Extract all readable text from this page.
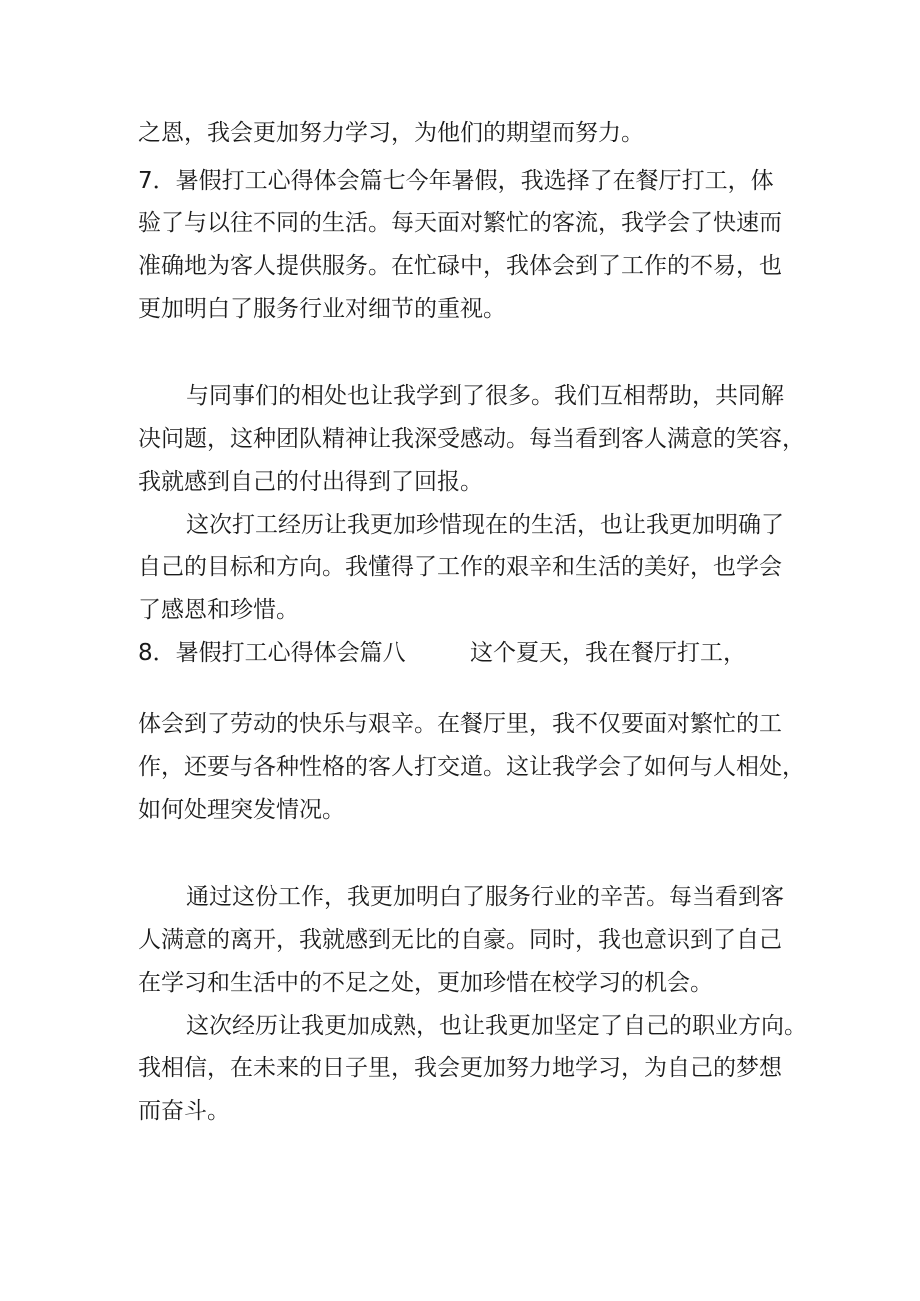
之恩，我会更加努力学习，为他们的期望而努力。
7．暑假打工心得体会篇七今年暑假，我选择了在餐厅打工，体
验了与以往不同的生活。每天面对繁忙的客流，我学会了快速而
准确地为客人提供服务。在忙碌中，我体会到了工作的不易，也
更加明白了服务行业对细节的重视。
与同事们的相处也让我学到了很多。我们互相帮助，共同解
决问题，这种团队精神让我深受感动。每当看到客人满意的笑容，
我就感到自己的付出得到了回报。
这次打工经历让我更加珍惜现在的生活，也让我更加明确了
自己的目标和方向。我懂得了工作的艰辛和生活的美好，也学会
了感恩和珍惜。
8．暑假打工心得体会篇八	这个夏天，我在餐厅打工，
体会到了劳动的快乐与艰辛。在餐厅里，我不仅要面对繁忙的工
作，还要与各种性格的客人打交道。这让我学会了如何与人相处，
如何处理突发情况。
通过这份工作，我更加明白了服务行业的辛苦。每当看到客
人满意的离开，我就感到无比的自豪。同时，我也意识到了自己
在学习和生活中的不足之处，更加珍惜在校学习的机会。
这次经历让我更加成熟，也让我更加坚定了自己的职业方向。
我相信，在未来的日子里，我会更加努力地学习，为自己的梦想
而奋斗。
